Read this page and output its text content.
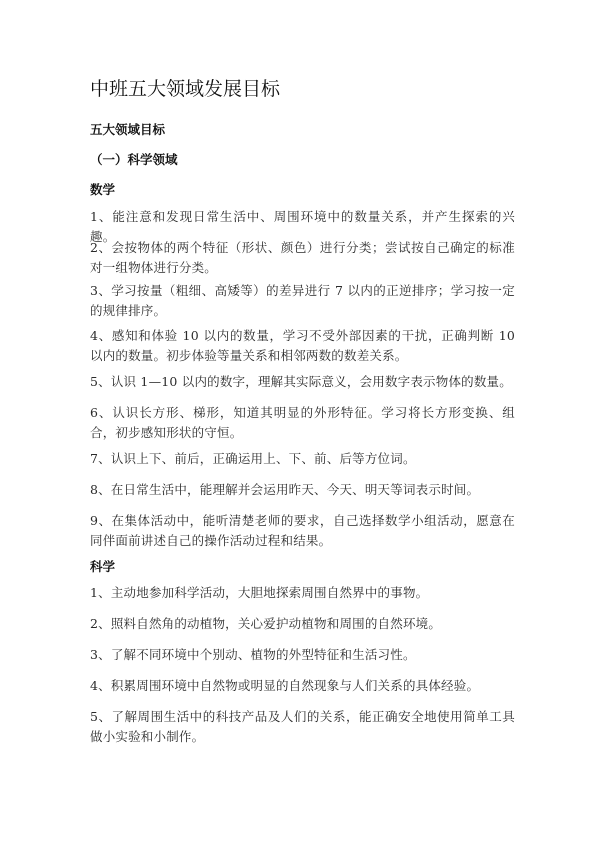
中班五大领域发展目标
五大领域目标
（一）科学领域
数学
1、能注意和发现日常生活中、周围环境中的数量关系，并产生探索的兴趣。
2、会按物体的两个特征（形状、颜色）进行分类；尝试按自己确定的标准对一组物体进行分类。
3、学习按量（粗细、高矮等）的差异进行 7 以内的正逆排序；学习按一定的规律排序。
4、感知和体验 10 以内的数量，学习不受外部因素的干扰，正确判断 10 以内的数量。初步体验等量关系和相邻两数的数差关系。
5、认识 1—10 以内的数字，理解其实际意义，会用数字表示物体的数量。
6、认识长方形、梯形，知道其明显的外形特征。学习将长方形变换、组合，初步感知形状的守恒。
7、认识上下、前后，正确运用上、下、前、后等方位词。
8、在日常生活中，能理解并会运用昨天、今天、明天等词表示时间。
9、在集体活动中，能听清楚老师的要求，自己选择数学小组活动，愿意在同伴面前讲述自己的操作活动过程和结果。
科学
1、主动地参加科学活动，大胆地探索周围自然界中的事物。
2、照料自然角的动植物，关心爱护动植物和周围的自然环境。
3、了解不同环境中个别动、植物的外型特征和生活习性。
4、积累周围环境中自然物或明显的自然现象与人们关系的具体经验。
5、了解周围生活中的科技产品及人们的关系，能正确安全地使用简单工具做小实验和小制作。
